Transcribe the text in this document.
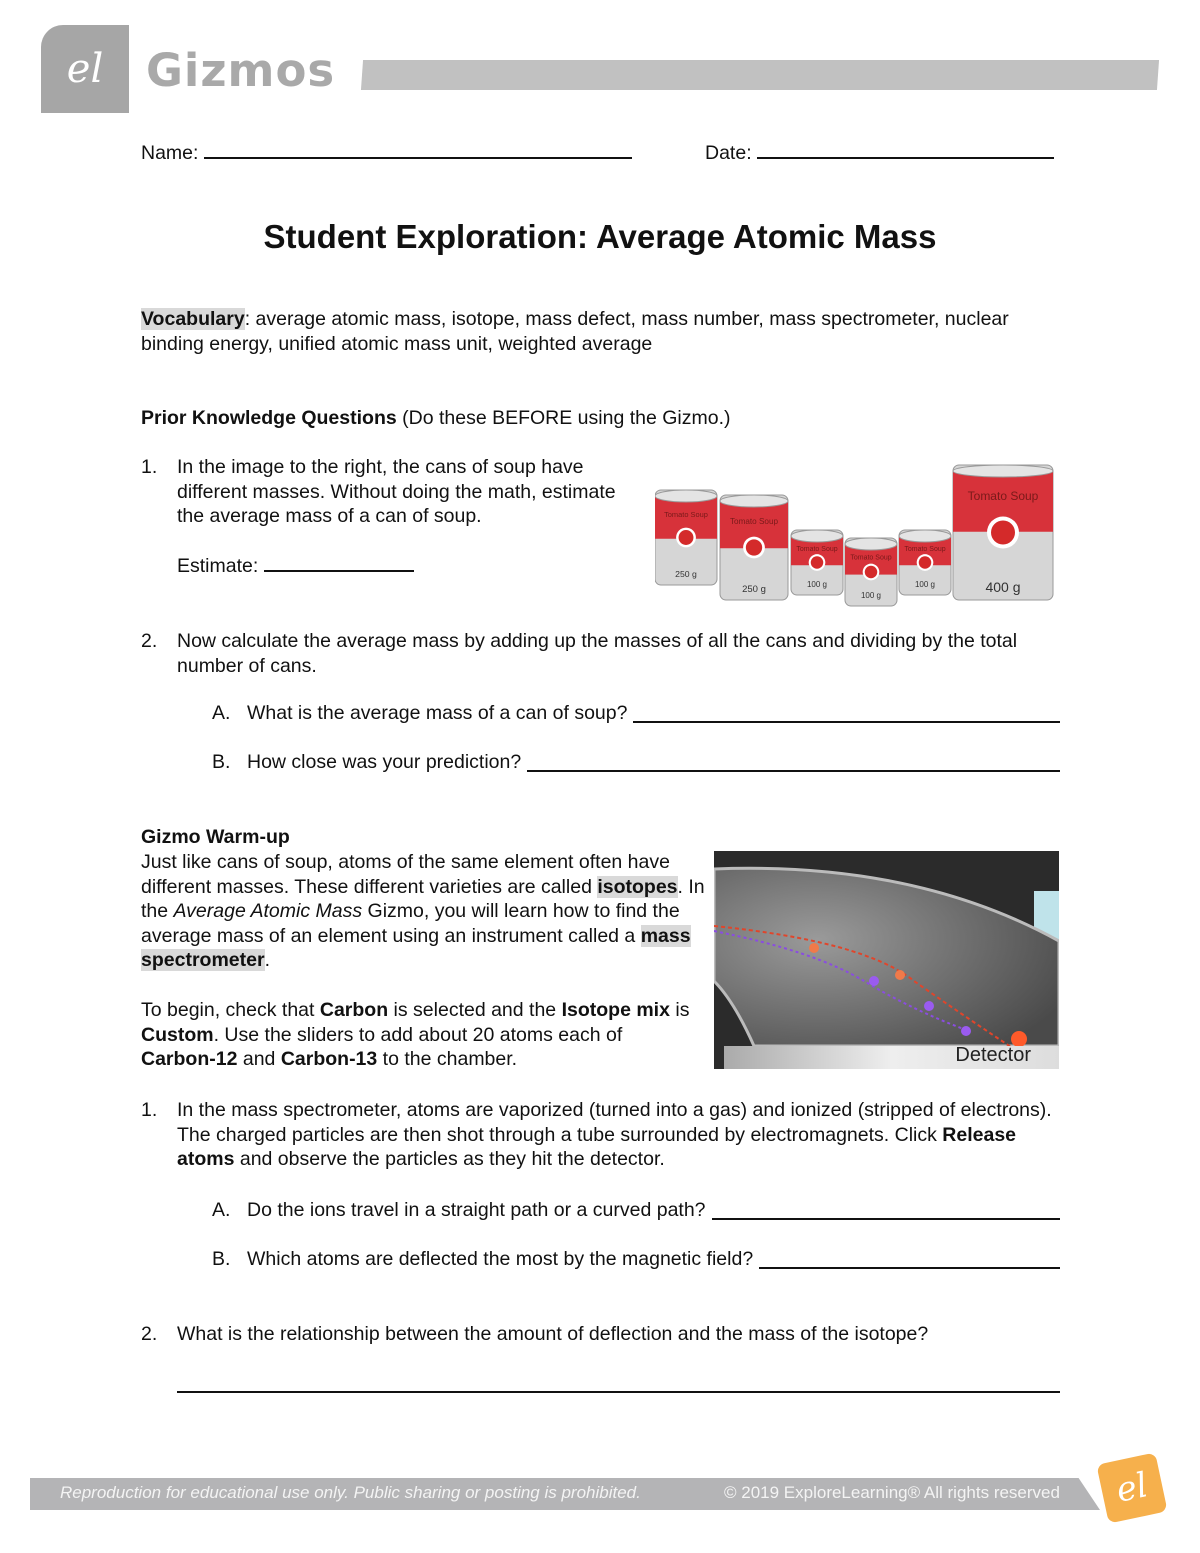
el Gizmos
Name:	Date:
Student Exploration: Average Atomic Mass
Vocabulary: average atomic mass, isotope, mass defect, mass number, mass spectrometer, nuclear binding energy, unified atomic mass unit, weighted average
Prior Knowledge Questions (Do these BEFORE using the Gizmo.)
1. In the image to the right, the cans of soup have different masses. Without doing the math, estimate the average mass of a can of soup.
Estimate:
Tomato Soup
250 g
Tomato Soup
250 g
Tomato Soup
100 g
Tomato Soup
100 g
Tomato Soup
100 g
Tomato Soup
400 g
2. Now calculate the average mass by adding up the masses of all the cans and dividing by the total number of cans.
A. What is the average mass of a can of soup?
B. How close was your prediction?
Gizmo Warm-up
Just like cans of soup, atoms of the same element often have different masses. These different varieties are called isotopes. In the Average Atomic Mass Gizmo, you will learn how to find the average mass of an element using an instrument called a mass spectrometer.
To begin, check that Carbon is selected and the Isotope mix is Custom. Use the sliders to add about 20 atoms each of Carbon-12 and Carbon-13 to the chamber.	Detector
1. In the mass spectrometer, atoms are vaporized (turned into a gas) and ionized (stripped of electrons). The charged particles are then shot through a tube surrounded by electromagnets. Click Release atoms and observe the particles as they hit the detector.
A. Do the ions travel in a straight path or a curved path?
B. Which atoms are deflected the most by the magnetic field?
2. What is the relationship between the amount of deflection and the mass of the isotope?
Reproduction for educational use only. Public sharing or posting is prohibited.	© 2019 ExploreLearning® All rights reserved el
